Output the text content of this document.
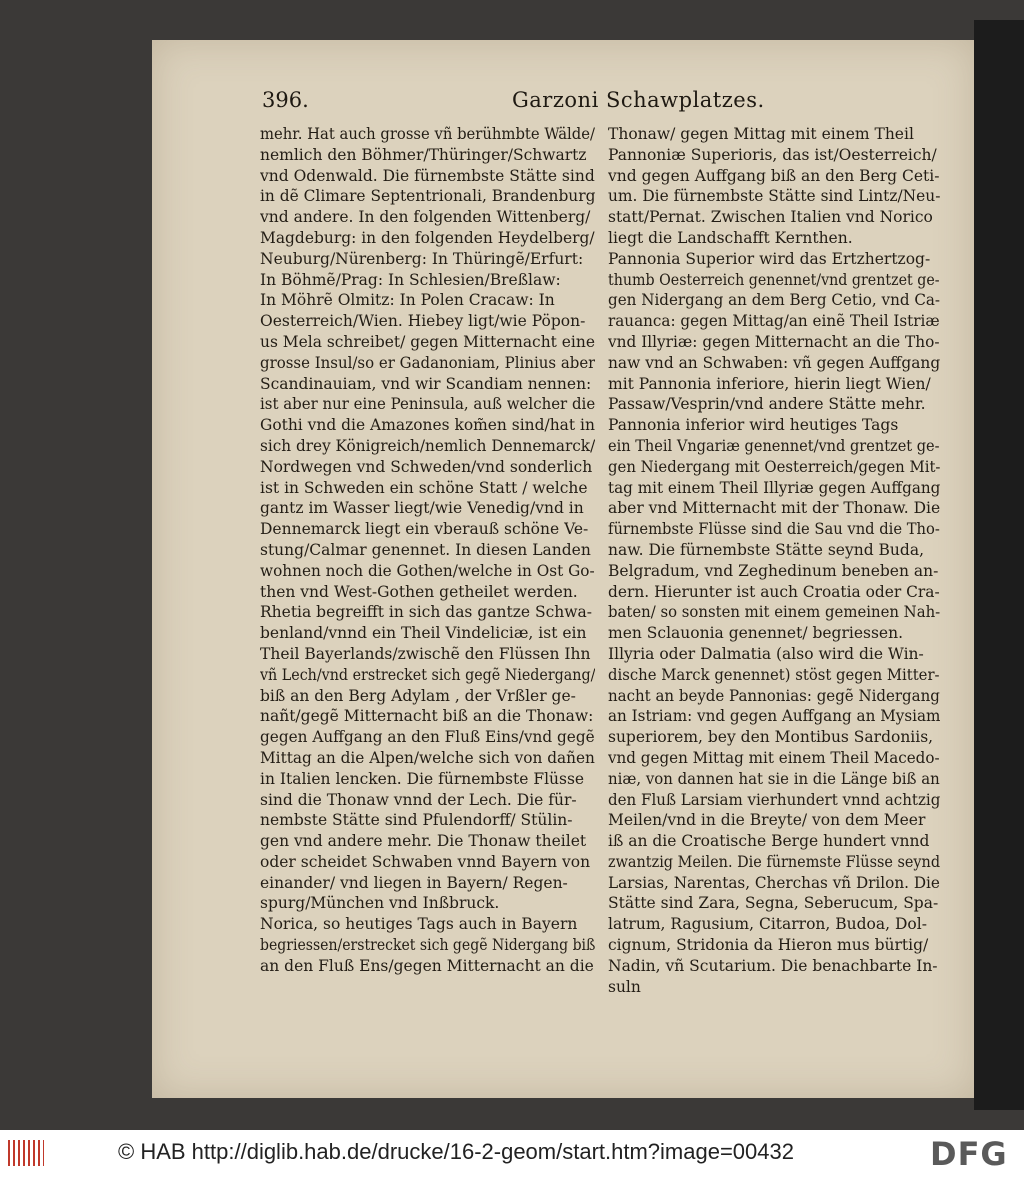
396.	Garzoni Schawplatzes.
mehr. Hat auch grosse vñ berühmbte Wälde/
nemlich den Böhmer/Thüringer/Schwartz
vnd Odenwald. Die fürnembste Stätte sind
in dẽ Climare Septentrionali, Brandenburg
vnd andere. In den folgenden Wittenberg/
Magdeburg: in den folgenden Heydelberg/
Neuburg/Nürenberg: In Thüringẽ/Erfurt:
In Böhmẽ/Prag: In Schlesien/Breßlaw:
In Möhrẽ Olmitz: In Polen Cracaw: In
Oesterreich/Wien. Hiebey ligt/wie Pöpon-
us Mela schreibet/ gegen Mitternacht eine
grosse Insul/so er Gadanoniam, Plinius aber
Scandinauiam, vnd wir Scandiam nennen:
ist aber nur eine Peninsula, auß welcher die
Gothi vnd die Amazones kom̃en sind/hat in
sich drey Königreich/nemlich Dennemarck/
Nordwegen vnd Schweden/vnd sonderlich
ist in Schweden ein schöne Statt / welche
gantz im Wasser liegt/wie Venedig/vnd in
Dennemarck liegt ein vberauß schöne Ve-
stung/Calmar genennet. In diesen Landen
wohnen noch die Gothen/welche in Ost Go-
then vnd West-Gothen getheilet werden.
Rhetia begreifft in sich das gantze Schwa-
benland/vnnd ein Theil Vindeliciæ, ist ein
Theil Bayerlands/zwischẽ den Flüssen Ihn
vñ Lech/vnd erstrecket sich gegẽ Niedergang/
biß an den Berg Adylam , der Vrßler ge-
nañt/gegẽ Mitternacht biß an die Thonaw:
gegen Auffgang an den Fluß Eins/vnd gegẽ
Mittag an die Alpen/welche sich von dañen
in Italien lencken. Die fürnembste Flüsse
sind die Thonaw vnnd der Lech. Die für-
nembste Stätte sind Pfulendorff/ Stülin-
gen vnd andere mehr. Die Thonaw theilet
oder scheidet Schwaben vnnd Bayern von
einander/ vnd liegen in Bayern/ Regen-
spurg/München vnd Inßbruck.
Norica, so heutiges Tags auch in Bayern
begriessen/erstrecket sich gegẽ Nidergang biß
an den Fluß Ens/gegen Mitternacht an die
Thonaw/ gegen Mittag mit einem Theil
Pannoniæ Superioris, das ist/Oesterreich/
vnd gegen Auffgang biß an den Berg Ceti-
um. Die fürnembste Stätte sind Lintz/Neu-
statt/Pernat. Zwischen Italien vnd Norico
liegt die Landschafft Kernthen.
Pannonia Superior wird das Ertzhertzog-
thumb Oesterreich genennet/vnd grentzet ge-
gen Nidergang an dem Berg Cetio, vnd Ca-
rauanca: gegen Mittag/an einẽ Theil Istriæ
vnd Illyriæ: gegen Mitternacht an die Tho-
naw vnd an Schwaben: vñ gegen Auffgang
mit Pannonia inferiore, hierin liegt Wien/
Passaw/Vesprin/vnd andere Stätte mehr.
Pannonia inferior wird heutiges Tags
ein Theil Vngariæ genennet/vnd grentzet ge-
gen Niedergang mit Oesterreich/gegen Mit-
tag mit einem Theil Illyriæ gegen Auffgang
aber vnd Mitternacht mit der Thonaw. Die
fürnembste Flüsse sind die Sau vnd die Tho-
naw. Die fürnembste Stätte seynd Buda,
Belgradum, vnd Zeghedinum beneben an-
dern. Hierunter ist auch Croatia oder Cra-
baten/ so sonsten mit einem gemeinen Nah-
men Sclauonia genennet/ begriessen.
Illyria oder Dalmatia (also wird die Win-
dische Marck genennet) stöst gegen Mitter-
nacht an beyde Pannonias: gegẽ Nidergang
an Istriam: vnd gegen Auffgang an Mysiam
superiorem, bey den Montibus Sardoniis,
vnd gegen Mittag mit einem Theil Macedo-
niæ, von dannen hat sie in die Länge biß an
den Fluß Larsiam vierhundert vnnd achtzig
Meilen/vnd in die Breyte/ von dem Meer
iß an die Croatische Berge hundert vnnd
zwantzig Meilen. Die fürnemste Flüsse seynd
Larsias, Narentas, Cherchas vñ Drilon. Die
Stätte sind Zara, Segna, Seberucum, Spa-
latrum, Ragusium, Citarron, Budoa, Dol-
cignum, Stridonia da Hieron mus bürtig/
Nadin, vñ Scutarium. Die benachbarte In-
suln
© HAB http://diglib.hab.de/drucke/16-2-geom/start.htm?image=00432	DFG
